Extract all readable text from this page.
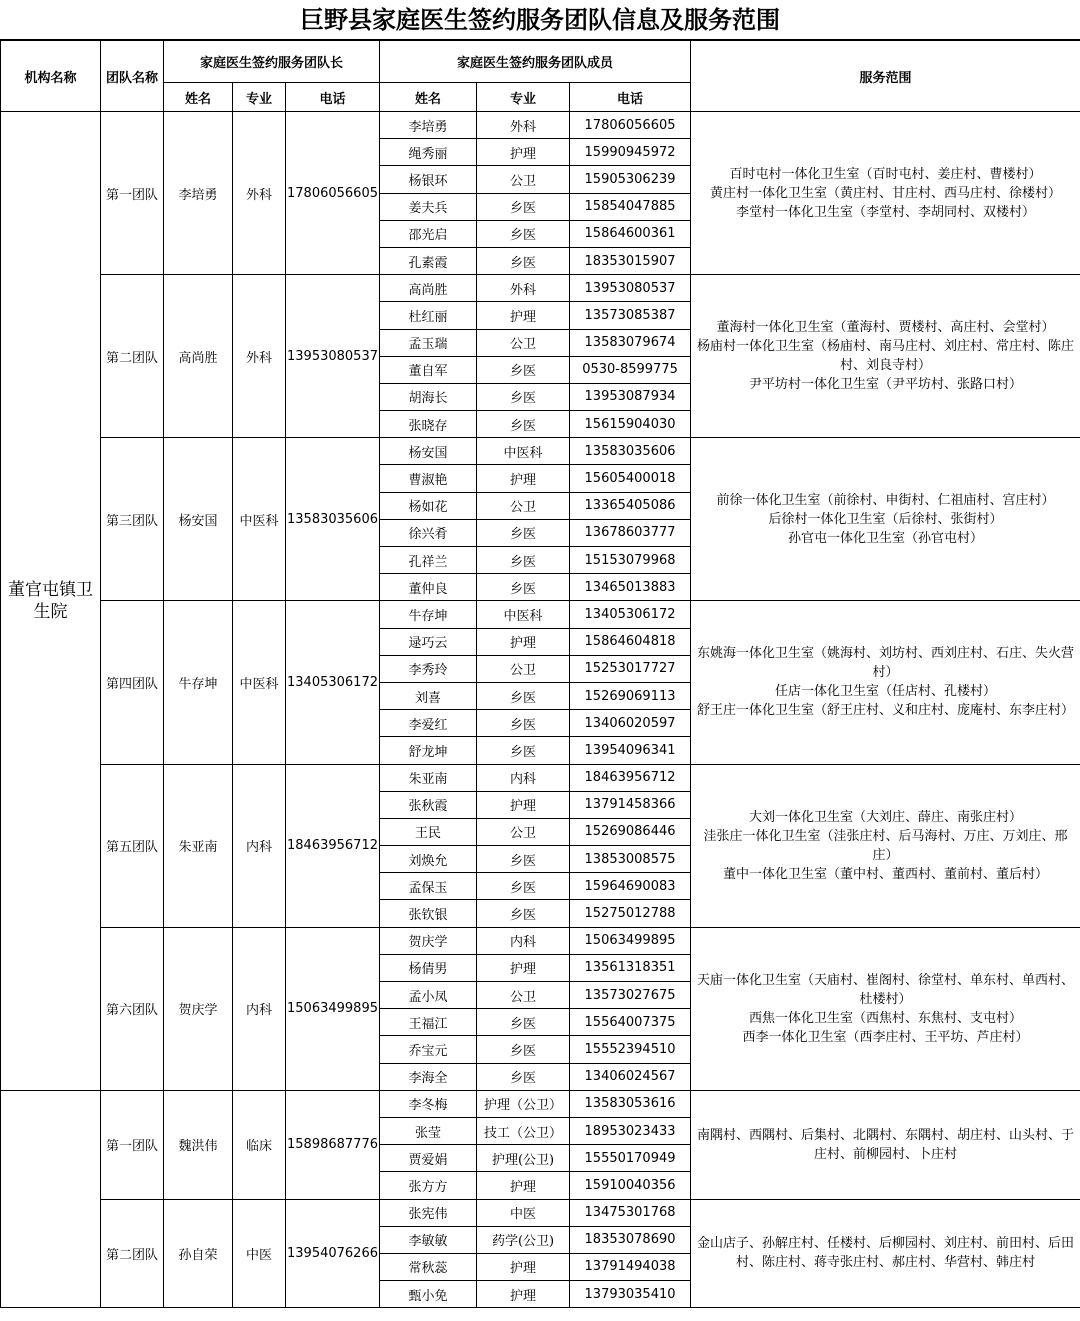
巨野县家庭医生签约服务团队信息及服务范围
机构名称	团队名称	家庭医生签约服务团队长			家庭医生签约服务团队成员			服务范围
		姓名	专业	电话	姓名	专业	电话	
董官屯镇卫生院	第一团队	李培勇	外科	17806056605	李培勇	外科	17806056605	百时屯村一体化卫生室（百时屯村、姜庄村、曹楼村）
黄庄村一体化卫生室（黄庄村、甘庄村、西马庄村、徐楼村）
李堂村一体化卫生室（李堂村、李胡同村、双楼村）

					绳秀丽	护理	15990945972	
					杨银环	公卫	15905306239	
					姜夫兵	乡医	15854047885	
					邵光启	乡医	15864600361	
					孔素霞	乡医	18353015907	
	第二团队	高尚胜	外科	13953080537	高尚胜	外科	13953080537	董海村一体化卫生室（董海村、贾楼村、高庄村、会堂村）
杨庙村一体化卫生室（杨庙村、南马庄村、刘庄村、常庄村、陈庄村、刘良寺村）
尹平坊村一体化卫生室（尹平坊村、张路口村）

					杜红丽	护理	13573085387	
					孟玉瑞	公卫	13583079674	
					董自军	乡医	0530-8599775	
					胡海长	乡医	13953087934	
					张晓存	乡医	15615904030	
	第三团队	杨安国	中医科	13583035606	杨安国	中医科	13583035606	前徐一体化卫生室（前徐村、申街村、仁祖庙村、宫庄村）
后徐村一体化卫生室（后徐村、张街村）
孙官屯一体化卫生室（孙官屯村）

					曹淑艳	护理	15605400018	
					杨如花	公卫	13365405086	
					徐兴肴	乡医	13678603777	
					孔祥兰	乡医	15153079968	
					董仲良	乡医	13465013883	
	第四团队	牛存坤	中医科	13405306172	牛存坤	中医科	13405306172	东姚海一体化卫生室（姚海村、刘坊村、西刘庄村、石庄、失火营村）
任店一体化卫生室（任店村、孔楼村）
舒王庄一体化卫生室（舒王庄村、义和庄村、庞庵村、东李庄村）

					逯巧云	护理	15864604818	
					李秀玲	公卫	15253017727	
					刘喜	乡医	15269069113	
					李爱红	乡医	13406020597	
					舒龙坤	乡医	13954096341	
	第五团队	朱亚南	内科	18463956712	朱亚南	内科	18463956712	大刘一体化卫生室（大刘庄、薛庄、南张庄村）
洼张庄一体化卫生室（洼张庄村、后马海村、万庄、万刘庄、邢庄）
董中一体化卫生室（董中村、董西村、董前村、董后村）

					张秋霞	护理	13791458366	
					王民	公卫	15269086446	
					刘焕允	乡医	13853008575	
					孟保玉	乡医	15964690083	
					张钦银	乡医	15275012788	
	第六团队	贺庆学	内科	15063499895	贺庆学	内科	15063499895	天庙一体化卫生室（天庙村、崔阁村、徐堂村、单东村、单西村、杜楼村）
西焦一体化卫生室（西焦村、东焦村、支屯村）
西李一体化卫生室（西李庄村、王平坊、芦庄村）

					杨倩男	护理	13561318351	
					孟小凤	公卫	13573027675	
					王福江	乡医	15564007375	
					乔宝元	乡医	15552394510	
					李海全	乡医	13406024567	
	第一团队	魏洪伟	临床	15898687776	李冬梅	护理（公卫）	13583053616	南隅村、西隅村、后集村、北隅村、东隅村、胡庄村、山头村、于庄村、前柳园村、卜庄村

					张莹	技工（公卫）	18953023433	
					贾爱娟	护理(公卫)	15550170949	
					张方方	护理	15910040356	
	第二团队	孙自荣	中医	13954076266	张宪伟	中医	13475301768	金山店子、孙解庄村、任楼村、后柳园村、刘庄村、前田村、后田村、陈庄村、蒋寺张庄村、郝庄村、华营村、韩庄村

					李敏敏	药学(公卫)	18353078690	
					常秋蕊	护理	13791494038	
					甄小免	护理	13793035410	
